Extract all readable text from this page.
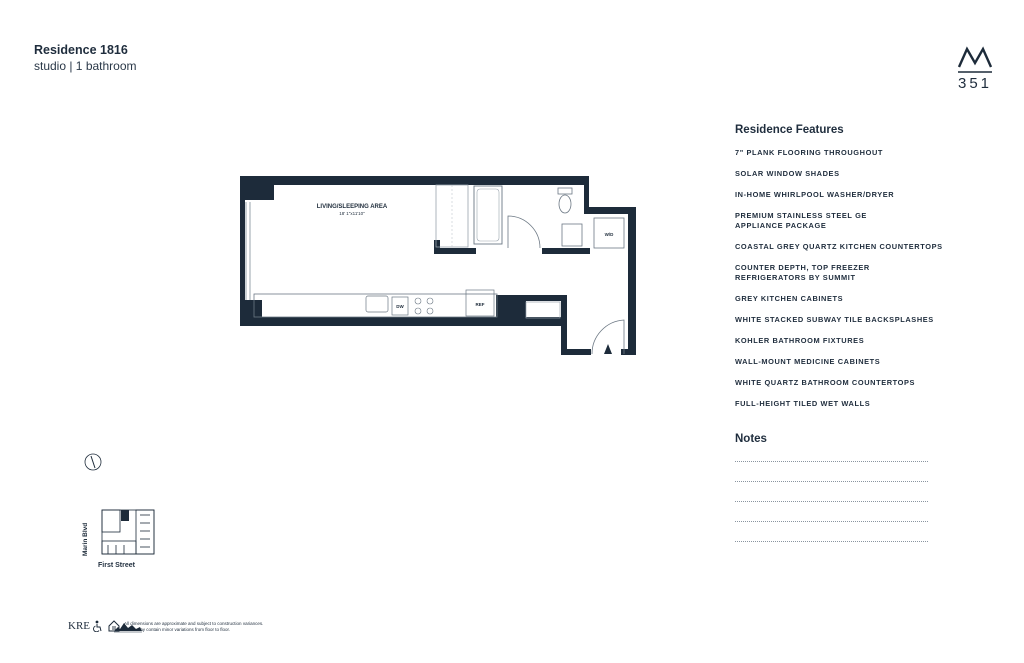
Residence 1816
studio | 1 bathroom
351
Residence Features
7" PLANK FLOORING THROUGHOUT
SOLAR WINDOW SHADES
IN-HOME WHIRLPOOL WASHER/DRYER
PREMIUM STAINLESS STEEL GE APPLIANCE PACKAGE
COASTAL GREY QUARTZ KITCHEN COUNTERTOPS
COUNTER DEPTH, TOP FREEZER REFRIGERATORS BY SUMMIT
GREY KITCHEN CABINETS
WHITE STACKED SUBWAY TILE BACKSPLASHES
KOHLER BATHROOM FIXTURES
WALL-MOUNT MEDICINE CABINETS
WHITE QUARTZ BATHROOM COUNTERTOPS
FULL-HEIGHT TILED WET WALLS
Notes
LIVING/SLEEPING AREA
18' 1"x11'10"
DW	REF
W/D
Marin Blvd
First Street
KRE	All dimensions are approximate and subject to construction variances.
Plans may contain minor variations from floor to floor.
